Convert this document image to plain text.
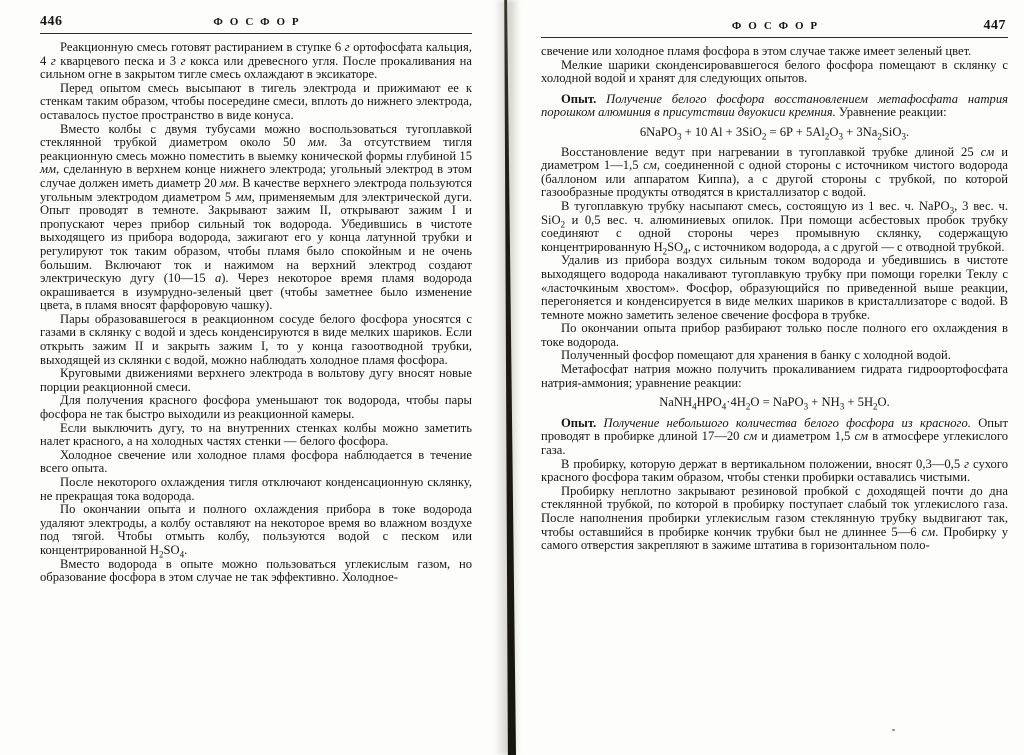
446	ФОСФОР

Реакционную смесь готовят растиранием в ступке 6 г ортофосфата кальция, 4 г кварцевого песка и 3 г кокса или древесного угля. После прокаливания на сильном огне в закрытом тигле смесь охлаждают в эксикаторе.

Перед опытом смесь высыпают в тигель электрода и прижимают ее к стенкам таким образом, чтобы посередине смеси, вплоть до нижнего электрода, оставалось пустое пространство в виде конуса.

Вместо колбы с двумя тубусами можно воспользоваться тугоплавкой стеклянной трубкой диаметром около 50 мм. За отсутствием тигля реакционную смесь можно поместить в выемку конической формы глубиной 15 мм, сделанную в верхнем конце нижнего электрода; угольный электрод в этом случае должен иметь диаметр 20 мм. В качестве верхнего электрода пользуются угольным электродом диаметром 5 мм, применяемым для электрической дуги. Опыт проводят в темноте. Закрывают зажим II, открывают зажим I и пропускают через прибор сильный ток водорода. Убедившись в чистоте выходящего из прибора водорода, зажигают его у конца латунной трубки и регулируют ток таким образом, чтобы пламя было спокойным и не очень большим. Включают ток и нажимом на верхний электрод создают электрическую дугу (10—15 а). Через некоторое время пламя водорода окрашивается в изумрудно-зеленый цвет (чтобы заметнее было изменение цвета, в пламя вносят фарфоровую чашку).

Пары образовавшегося в реакционном сосуде белого фосфора уносятся с газами в склянку с водой и здесь конденсируются в виде мелких шариков. Если открыть зажим II и закрыть зажим I, то у конца газоотводной трубки, выходящей из склянки с водой, можно наблюдать холодное пламя фосфора.

Круговыми движениями верхнего электрода в вольтову дугу вносят новые порции реакционной смеси.

Для получения красного фосфора уменьшают ток водорода, чтобы пары фосфора не так быстро выходили из реакционной камеры.

Если выключить дугу, то на внутренних стенках колбы можно заметить налет красного, а на холодных частях стенки — белого фосфора.

Холодное свечение или холодное пламя фосфора наблюдается в течение всего опыта.

После некоторого охлаждения тигля отключают конденсационную склянку, не прекращая тока водорода.

По окончании опыта и полного охлаждения прибора в токе водорода удаляют электроды, а колбу оставляют на некоторое время во влажном воздухе под тягой. Чтобы отмыть колбу, пользуются водой с песком или концентрированной $H_2SO_4$.

Вместо водорода в опыте можно пользоваться углекислым газом, но образование фосфора в этом случае не так эффективно. Холодное-

ФОСФОР	447

свечение или холодное пламя фосфора в этом случае также имеет зеленый цвет.

Мелкие шарики сконденсировавшегося белого фосфора помещают в склянку с холодной водой и хранят для следующих опытов.

Опыт. Получение белого фосфора восстановлением метафосфата натрия порошком алюминия в присутствии двуокиси кремния. Уравнение реакции:

6NaPO$_3$ + 10 $Al + 3SiO_2 = 6P + 5Al_2O_3 + 3Na_2SiO_3$.

Восстановление ведут при нагревании в тугоплавкой трубке длиной 25 см и диаметром 1—1,5 см, соединенной с одной стороны с источником чистого водорода (баллоном или аппаратом Киппа), а с другой стороны с трубкой, по которой газообразные продукты отводятся в кристаллизатор с водой.

В тугоплавкую трубку насыпают смесь, состоящую из 1 вес. ч. NaPO$_3$, 3 вес. ч. SiO$_2$ и 0,5 вес. ч. алюминиевых опилок. При помощи асбестовых пробок трубку соединяют с одной стороны через промывную склянку, содержащую концентрированную $H_2SO_4$, с источником водорода, а с другой — с отводной трубкой.

Удалив из прибора воздух сильным током водорода и убедившись в чистоте выходящего водорода накаливают тугоплавкую трубку при помощи горелки Теклу с «ласточкиным хвостом». Фосфор, образующийся по приведенной выше реакции, перегоняется и конденсируется в виде мелких шариков в кристаллизаторе с водой. В темноте можно заметить зеленое свечение фосфора в трубке.

По окончании опыта прибор разбирают только после полного его охлаждения в токе водорода.

Полученный фосфор помещают для хранения в банку с холодной водой.

Метафосфат натрия можно получить прокаливанием гидрата гидроортофосфата натрия-аммония; уравнение реакции:

$NaNH_4HPO_4\cdot 4H_2O$ = NaPO$_3$ + $NH_3 + 5H_2O$.

Опыт. Получение небольшого количества белого фосфора из красного. Опыт проводят в пробирке длиной 17—20 см и диаметром 1,5 см в атмосфере углекислого газа.

В пробирку, которую держат в вертикальном положении, вносят 0,3—0,5 г сухого красного фосфора таким образом, чтобы стенки пробирки оставались чистыми.

Пробирку неплотно закрывают резиновой пробкой с доходящей почти до дна стеклянной трубкой, по которой в пробирку поступает слабый ток углекислого газа. После наполнения пробирки углекислым газом стеклянную трубку выдвигают так, чтобы оставшийся в пробирке кончик трубки был не длиннее 5—6 см. Пробирку у самого отверстия закрепляют в зажиме штатива в горизонтальном поло-
